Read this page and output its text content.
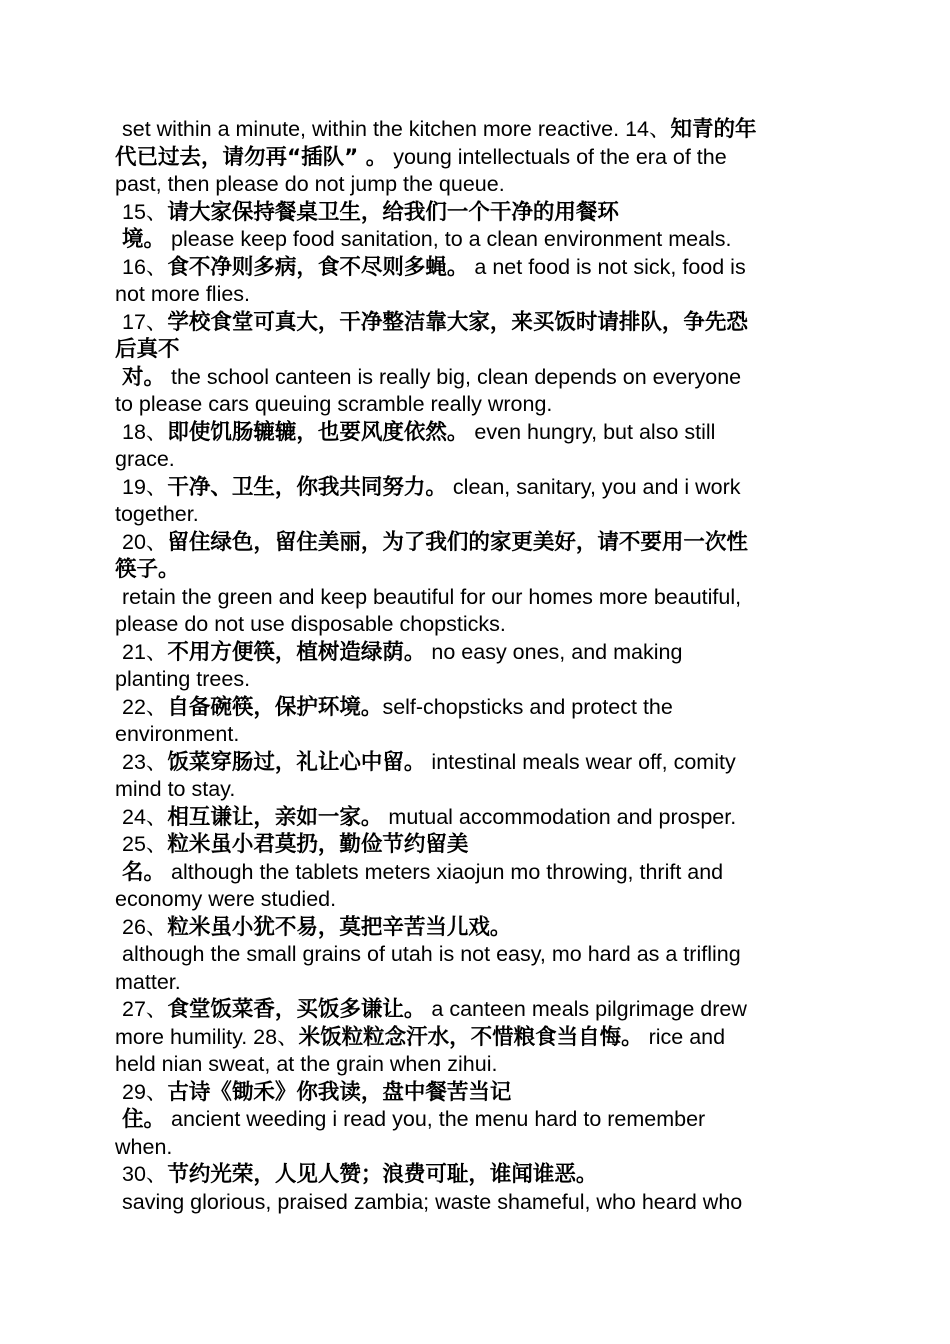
set within a minute, within the kitchen more reactive. 14、知青的年
代已过去，请勿再“插队” 。 young intellectuals of the era of the
past, then please do not jump the queue.
15、请大家保持餐桌卫生，给我们一个干净的用餐环
境。 please keep food sanitation, to a clean environment meals.
16、食不净则多病，食不尽则多蝇。 a net food is not sick, food is
not more flies.
17、学校食堂可真大，干净整洁靠大家，来买饭时请排队，争先恐
后真不
对。 the school canteen is really big, clean depends on everyone
to please cars queuing scramble really wrong.
18、即使饥肠辘辘，也要风度依然。 even hungry, but also still
grace.
19、干净、卫生，你我共同努力。 clean, sanitary, you and i work
together.
20、留住绿色，留住美丽，为了我们的家更美好，请不要用一次性
筷子。
retain the green and keep beautiful for our homes more beautiful,
please do not use disposable chopsticks.
21、不用方便筷，植树造绿荫。 no easy ones, and making
planting trees.
22、自备碗筷，保护环境。self-chopsticks and protect the
environment.
23、饭菜穿肠过，礼让心中留。 intestinal meals wear off, comity
mind to stay.
24、相互谦让，亲如一家。 mutual accommodation and prosper.
25、粒米虽小君莫扔，勤俭节约留美
名。 although the tablets meters xiaojun mo throwing, thrift and
economy were studied.
26、粒米虽小犹不易，莫把辛苦当儿戏。
although the small grains of utah is not easy, mo hard as a trifling
matter.
27、食堂饭菜香，买饭多谦让。 a canteen meals pilgrimage drew
more humility. 28、米饭粒粒念汗水，不惜粮食当自悔。 rice and
held nian sweat, at the grain when zihui.
29、古诗《锄禾》你我读，盘中餐苦当记
住。 ancient weeding i read you, the menu hard to remember
when.
30、节约光荣，人见人赞；浪费可耻，谁闻谁恶。
saving glorious, praised zambia; waste shameful, who heard who
